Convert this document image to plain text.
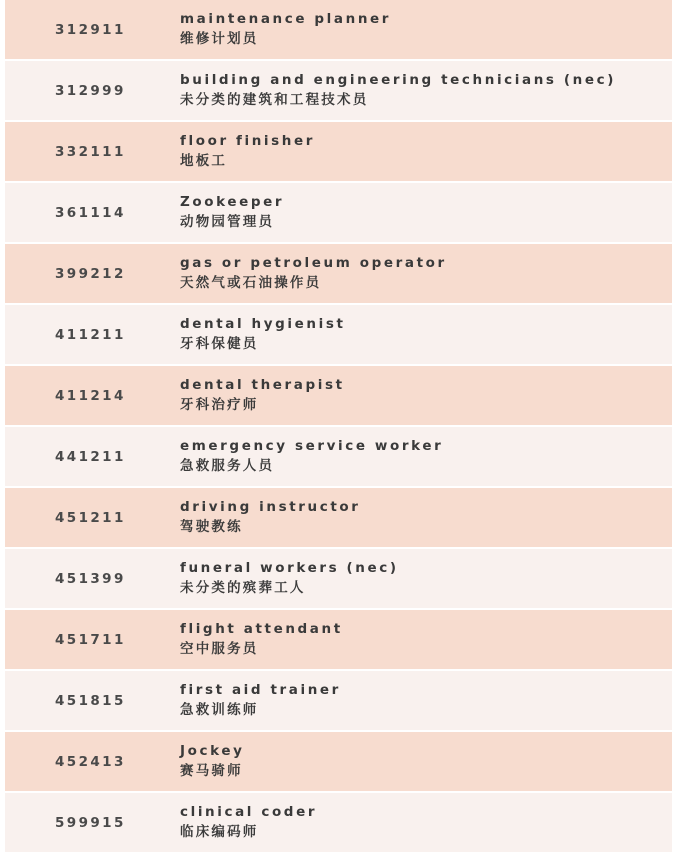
312911
maintenance planner
维修计划员
312999
building and engineering technicians (nec)
未分类的建筑和工程技术员
332111
floor finisher
地板工
361114
Zookeeper
动物园管理员
399212
gas or petroleum operator
天然气或石油操作员
411211
dental hygienist
牙科保健员
411214
dental therapist
牙科治疗师
441211
emergency service worker
急救服务人员
451211
driving instructor
驾驶教练
451399
funeral workers (nec)
未分类的殡葬工人
451711
flight attendant
空中服务员
451815
first aid trainer
急救训练师
452413
Jockey
赛马骑师
599915
clinical coder
临床编码师
